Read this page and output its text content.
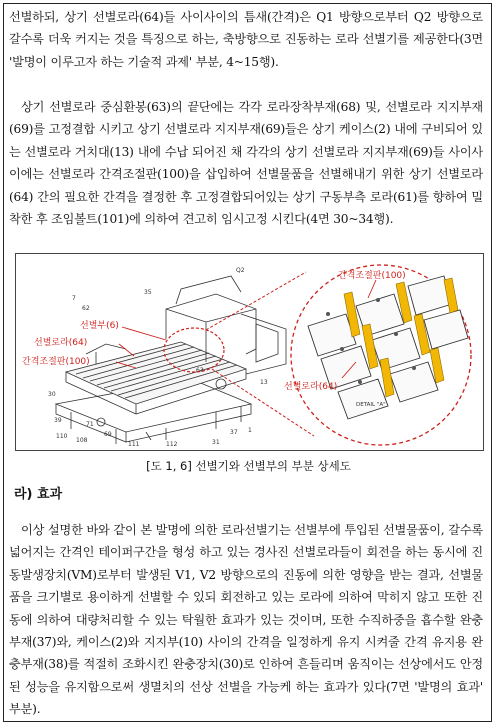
선별하되, 상기 선별로라(64)들 사이사이의 틈새(간격)은 Q1 방향으로부터 Q2 방향으로 갈수록 더욱 커지는 것을 특징으로 하는, 축방향으로 진동하는 로라 선별기를 제공한다(3면 '발명이 이루고자 하는 기술적 과제' 부분, 4~15행).

상기 선별로라 중심환봉(63)의 끝단에는 각각 로라장착부재(68) 및, 선별로라 지지부재(69)를 고정결합 시키고 상기 선별로라 지지부재(69)들은 상기 케이스(2) 내에 구비되어 있는 선별로라 거치대(13) 내에 수납 되어진 채 각각의 상기 선별로라 지지부재(69)들 사이사이에는 선별로라 간격조절판(100)을 삽입하여 선별물품을 선별해내기 위한 상기 선별로라(64) 간의 필요한 간격을 결정한 후 고정결합되어있는 상기 구동부측 로라(61)를 향하여 밀착한 후 조임볼트(101)에 의하여 견고히 임시고정 시킨다(4면 30~34행).

7
62
35
Q2
63
13
30
39
71
69
110
108
111	112
37 1
31
선별부(6)
선별로라(64)
간격조절판(100)
간격조절판(100)
선별로라(64)
DETAIL "A"
[도 1, 6] 선별기와 선별부의 부분 상세도
라) 효과

이상 설명한 바와 같이 본 발명에 의한 로라선별기는 선별부에 투입된 선별물품이, 갈수록 넓어지는 간격인 테이퍼구간을 형성 하고 있는 경사진 선별로라들이 회전을 하는 동시에 진동발생장치(VM)로부터 발생된 V1, V2 방향으로의 진동에 의한 영향을 받는 결과, 선별물품을 크기별로 용이하게 선별할 수 있되 회전하고 있는 로라에 의하여 막히지 않고 또한 진동에 의하여 대량처리할 수 있는 탁월한 효과가 있는 것이며, 또한 수직하중을 흡수할 완충부재(37)와, 케이스(2)와 지지부(10) 사이의 간격을 일정하게 유지 시켜줄 간격 유지용 완충부재(38)를 적절히 조화시킨 완충장치(30)로 인하여 흔들리며 움직이는 선상에서도 안정된 성능을 유지함으로써 생멸치의 선상 선별을 가능케 하는 효과가 있다(7면 '발명의 효과' 부분).
